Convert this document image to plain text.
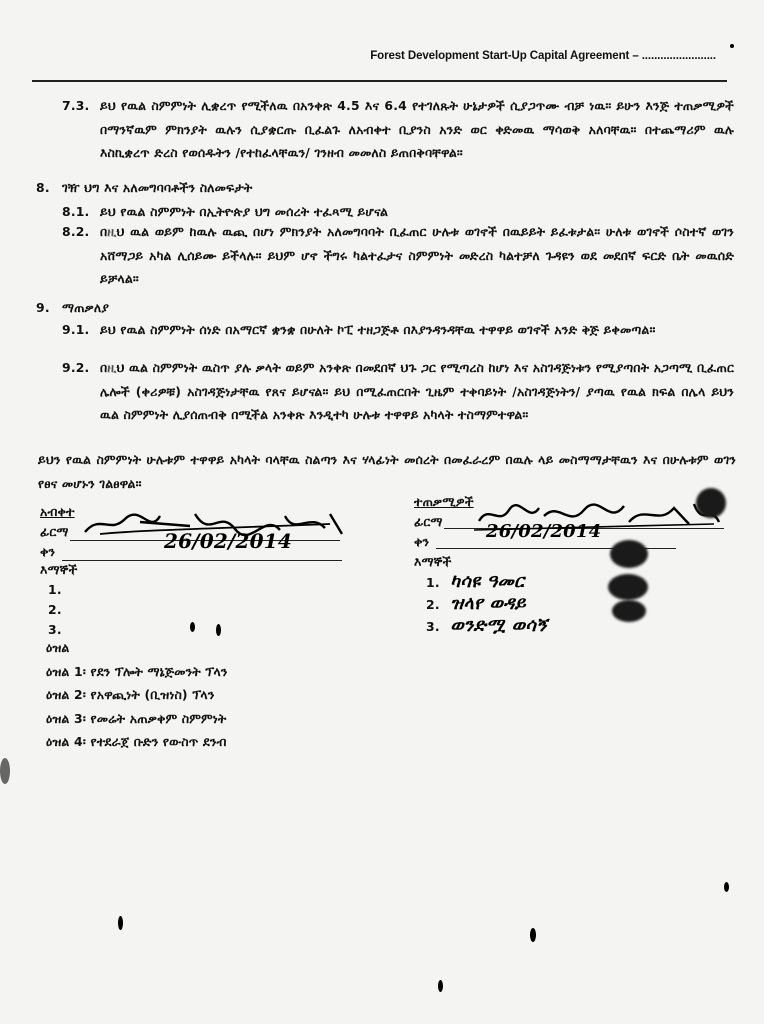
Forest Development Start-Up Capital Agreement – ........................
7.3. ይህ የዉል ስምምነት ሊቋረጥ የሚችለዉ በአንቀጽ 4.5 እና 6.4 የተገለጹት ሁኔታዎች ሲያጋጥሙ ብቻ ነዉ። ይሁን እንጅ ተጠቃሚዎች በማንኛዉም ምክንያት ዉሉን ሲያቋርጡ ቢፈልጉ ለአብቀተ ቢያንስ አንድ ወር ቀድመዉ ማሳወቅ አለባቸዉ። በተጨማሪም ዉሉ እስኪቋረጥ ድረስ የወሰዱትን /የተከፈላቸዉን/ ገንዘብ መመለስ ይጠበቅባቸዋል።
8. ገዥ ህግ እና አለመግባባቶችን ስለመፍታት
8.1. ይህ የዉል ስምምነት በኢትዮጵያ ህግ መሰረት ተፈጻሚ ይሆናል
8.2. በዚህ ዉል ወይም ከዉሉ ዉጪ በሆነ ምክንያት አለመግባባት ቢፈጠር ሁሉቱ ወገኖች በዉይይት ይፈቱታል። ሁለቱ ወገኖች ሶስተኛ ወገን አሸማጋይ አካል ሊሰይሙ ይችላሉ። ይህም ሆኖ ችግሩ ካልተፈታና ስምምነት መድረስ ካልተቻለ ጉዳዩን ወደ መደበኛ ፍርድ ቤት መዉሰድ ይቻላል።
9. ማጠቃለያ
9.1. ይህ የዉል ስምምነት ሰነድ በአማርኛ ቋንቋ በሁለት ኮፒ ተዘጋጅቶ በእያንዳንዳቸዉ ተዋዋይ ወገኖች አንድ ቅጅ ይቀመጣል።
9.2. በዚህ ዉል ስምምነት ዉስጥ ያሉ ቃላት ወይም አንቀጽ በመደበኛ ህጉ ጋር የሚጣረስ ከሆነ እና አስገዳጅነቱን የሚያጣበት አጋጣሚ ቢፈጠር ሌሎች (ቀሪዎቹ) አስገዳጅነታቸዉ የጸና ይሆናል። ይህ በሚፈጠርበት ጊዜም ተቀባይነት /አስገዳጅነትን/ ያጣዉ የዉል ክፍል በሌላ ይህን ዉል ስምምነት ሊያሰጠብቅ በሚችል አንቀጽ እንዲተካ ሁሉቱ ተዋዋይ አካላት ተስማምተዋል።
ይህን የዉል ስምምነት ሁሉቱም ተዋዋይ አካላት ባላቸዉ ስልጣን እና ሃላፊነት መሰረት በመፈራረም በዉሉ ላይ መስማማታቸዉን እና በሁሉቱም ወገን የፀና መሆኑን ገልፀዋል።
አብቀተ
ፊርማ
ቀን	26/02/2014
እማኞች
1.
2.
3.
ተጠቃሚዎች
ፊርማ
ቀን	26/02/2014
እማኞች
1. ካሳዩ ዓመር
2. ዝላየ ወዳይ
3. ወንድሟ ወሳኝ
ዕዝል
ዕዝል 1፡ የደን ፕሎት ማኔጅመንት ፕላን
ዕዝል 2፡ የአዋጪነት (ቢዝነስ) ፕላን
ዕዝል 3፡ የመሬት አጠቃቀም ስምምነት
ዕዝል 4፡ የተደራጀ ቡድን የውስጥ ደንብ
